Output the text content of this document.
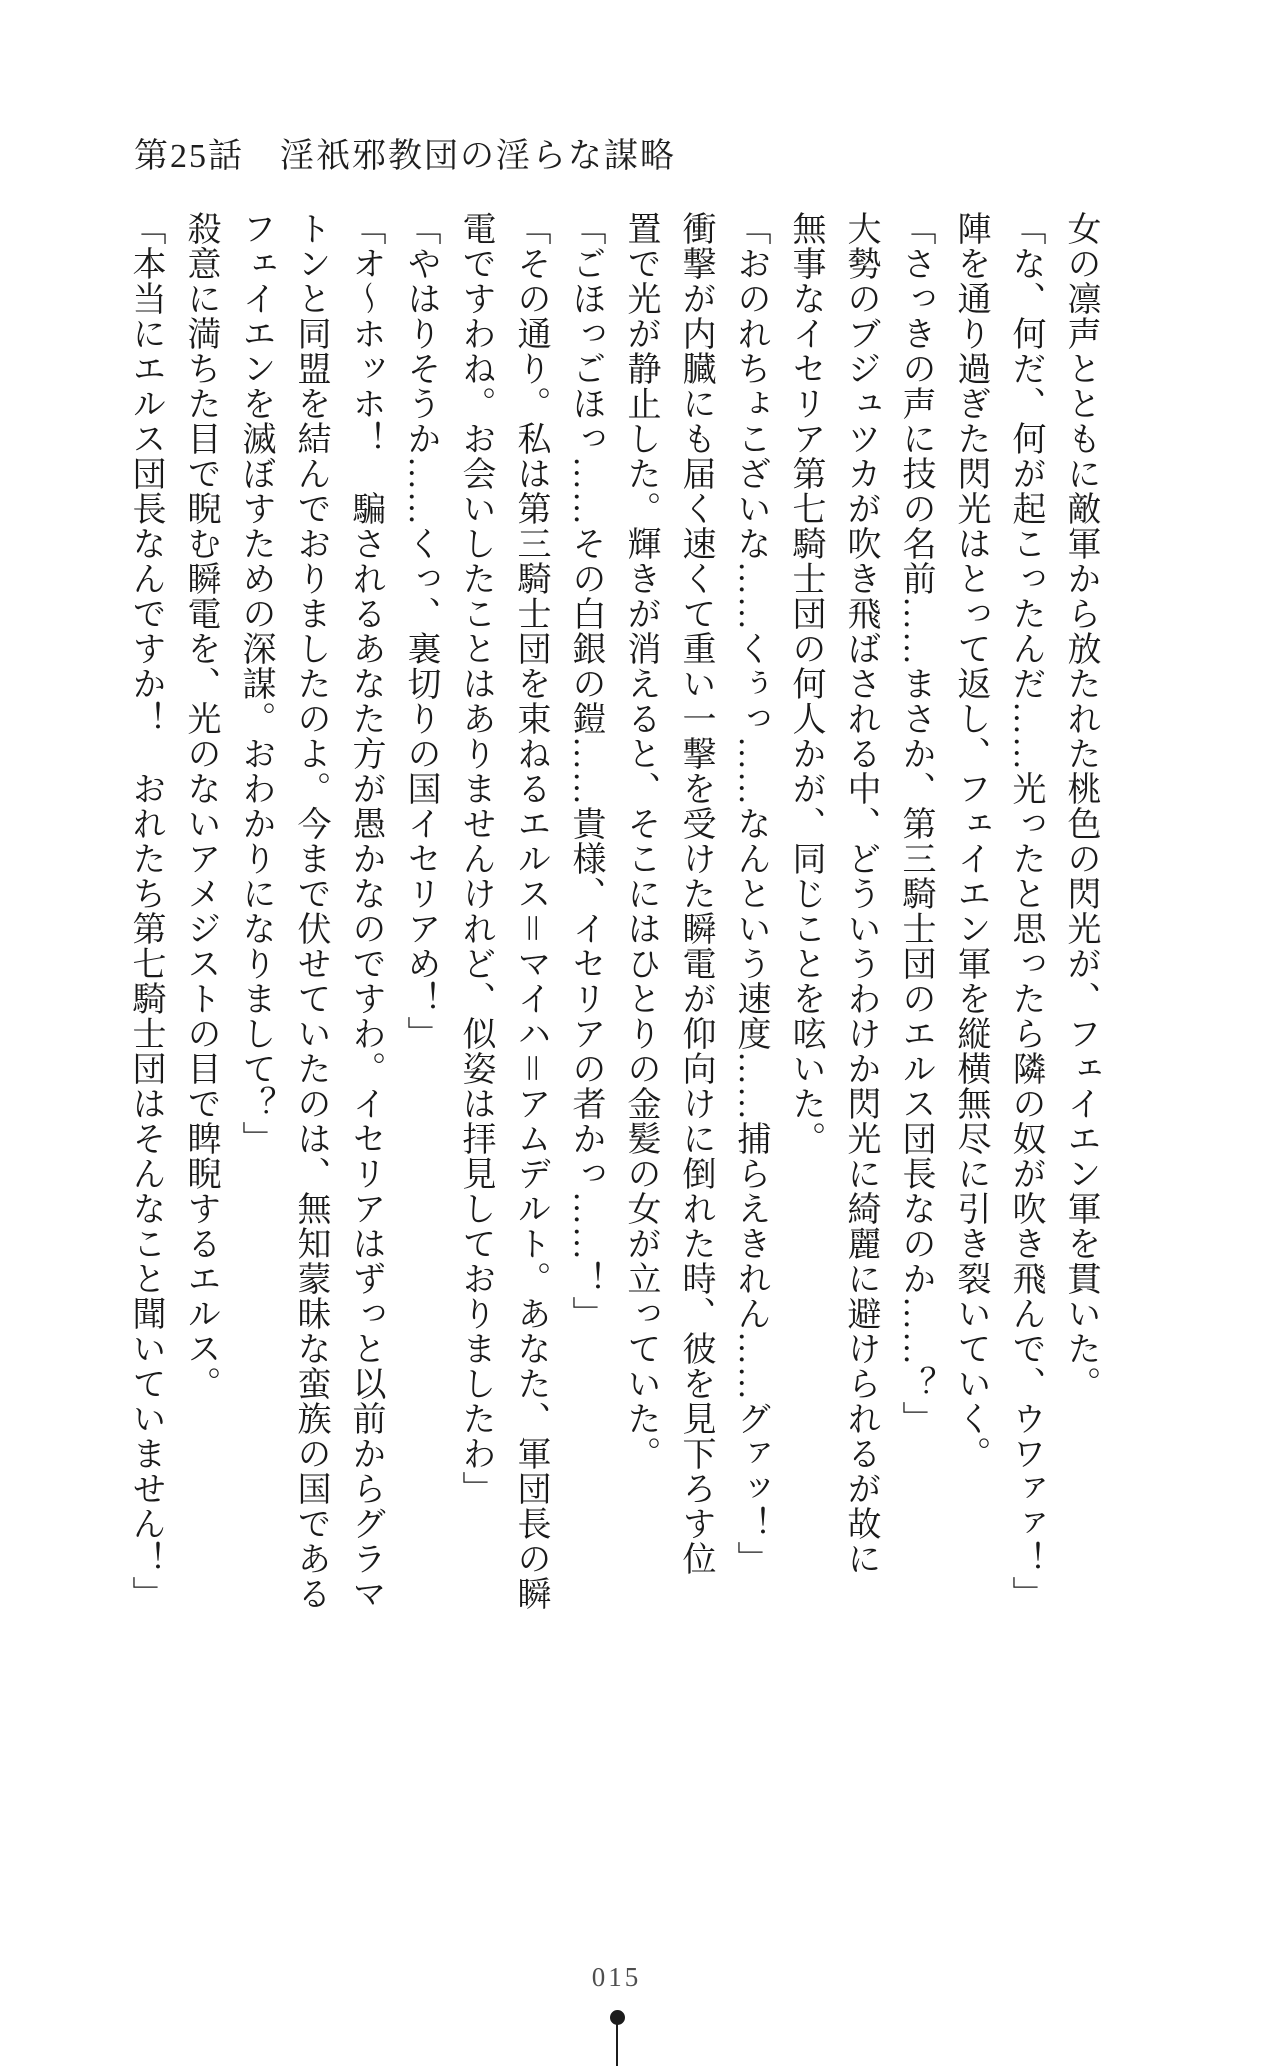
第25話　淫祇邪教団の淫らな謀略

女の凛声とともに敵軍から放たれた桃色の閃光が、フェイエン軍を貫いた。

「な、何だ、何が起こったんだ……光ったと思ったら隣の奴が吹き飛んで、ウワァァ！」

陣を通り過ぎた閃光はとって返し、フェイエン軍を縦横無尽に引き裂いていく。

「さっきの声に技の名前……まさか、第三騎士団のエルス団長なのか……？」

大勢のブジュツカが吹き飛ばされる中、どういうわけか閃光に綺麗に避けられるが故に

無事なイセリア第七騎士団の何人かが、同じことを呟いた。

「おのれちょこざいな……くぅっ……なんという速度……捕らえきれん……グァッ！」

衝撃が内臓にも届く速くて重い一撃を受けた瞬電が仰向けに倒れた時、彼を見下ろす位

置で光が静止した。輝きが消えると、そこにはひとりの金髪の女が立っていた。

「ごほっごほっ……その白銀の鎧……貴様、イセリアの者かっ……！」

「その通り。私は第三騎士団を束ねるエルス＝マイハ＝アムデルト。あなた、軍団長の瞬

電ですわね。お会いしたことはありませんけれど、似姿は拝見しておりましたわ」

「やはりそうか……くっ、裏切りの国イセリアめ！」

「オ～ホッホ！　騙されるあなた方が愚かなのですわ。イセリアはずっと以前からグラマ

トンと同盟を結んでおりましたのよ。今まで伏せていたのは、無知蒙昧な蛮族の国である

フェイエンを滅ぼすための深謀。おわかりになりまして？」

殺意に満ちた目で睨む瞬電を、光のないアメジストの目で睥睨するエルス。

「本当にエルス団長なんですか！　おれたち第七騎士団はそんなこと聞いていません！」

015
